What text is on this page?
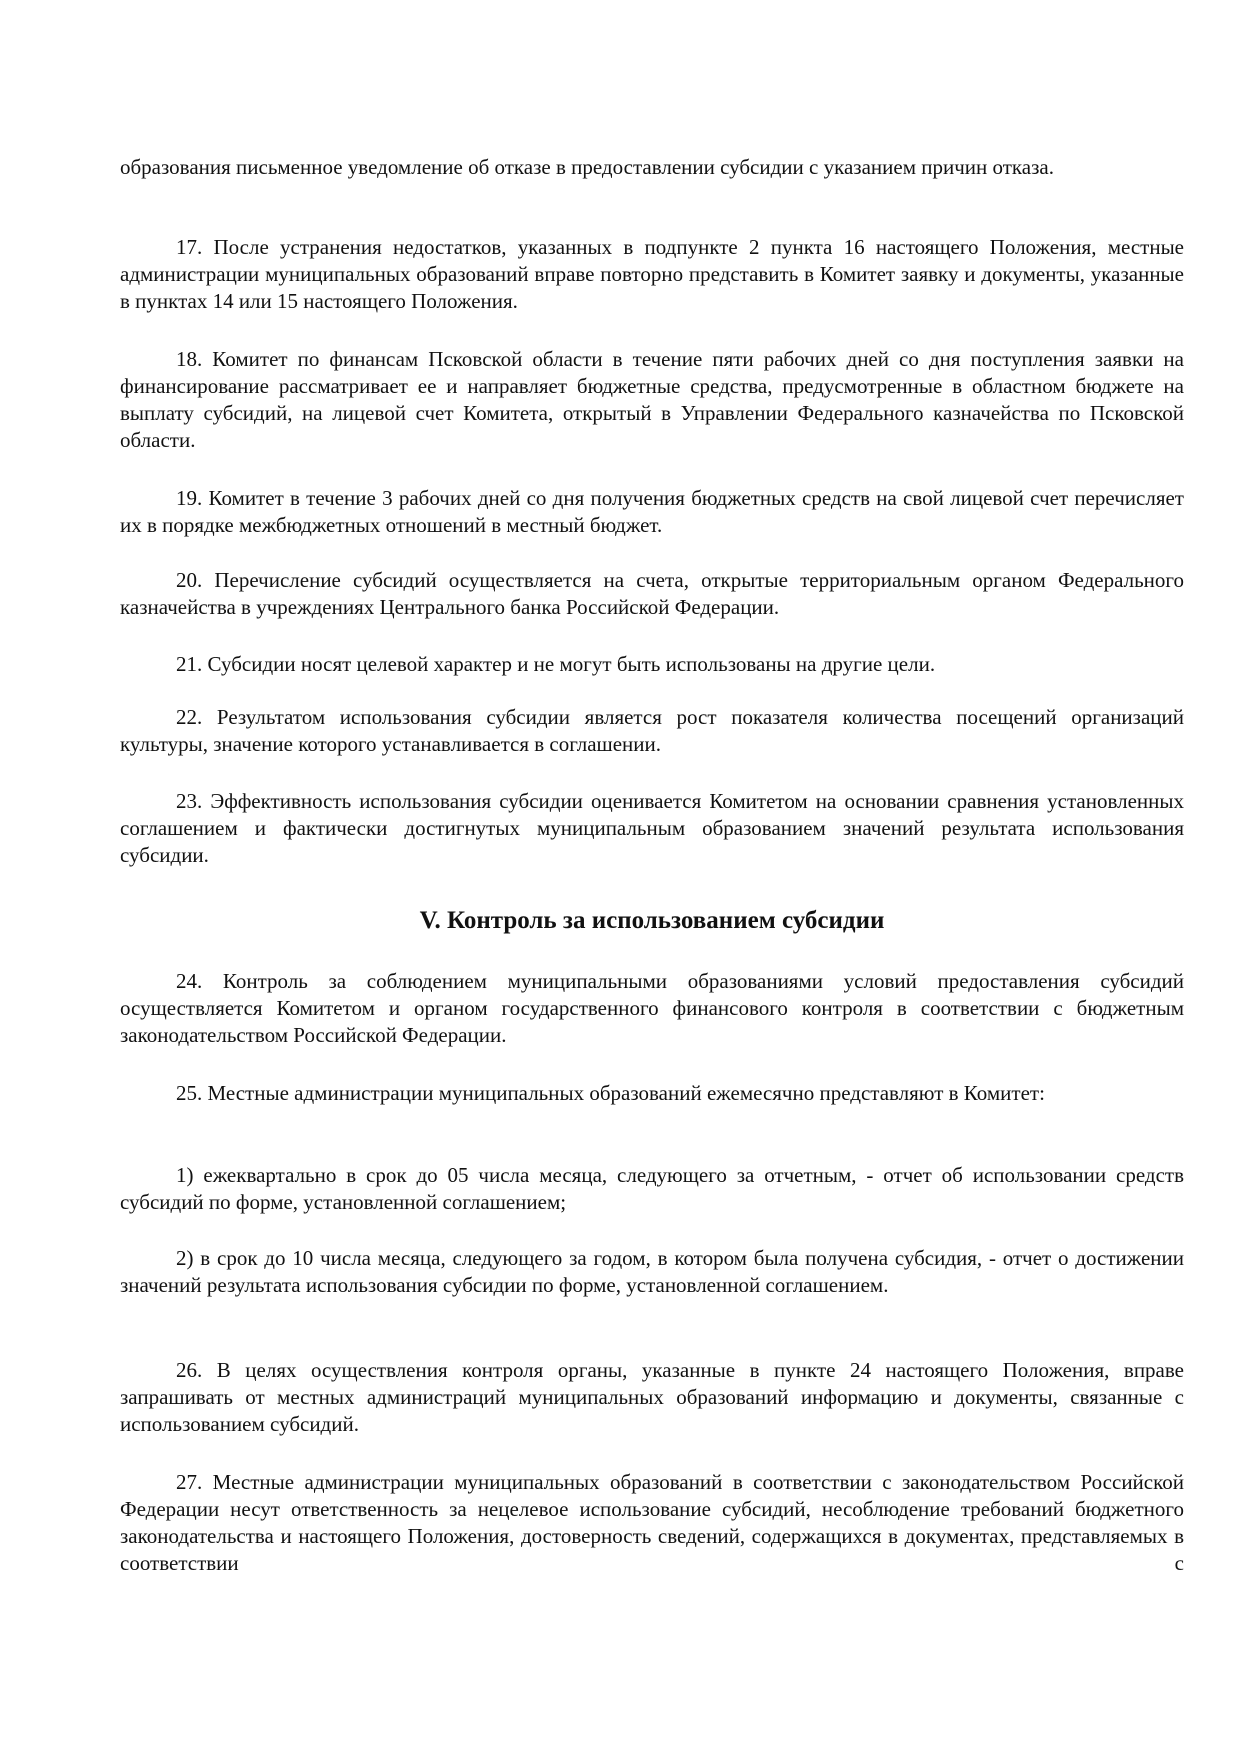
образования письменное уведомление об отказе в предоставлении субсидии с указанием причин отказа.

17. После устранения недостатков, указанных в подпункте 2 пункта 16 настоящего Положения, местные администрации муниципальных образований вправе повторно представить в Комитет заявку и документы, указанные в пунктах 14 или 15 настоящего Положения.

18. Комитет по финансам Псковской области в течение пяти рабочих дней со дня поступления заявки на финансирование рассматривает ее и направляет бюджетные средства, предусмотренные в областном бюджете на выплату субсидий, на лицевой счет Комитета, открытый в Управлении Федерального казначейства по Псковской области.

19. Комитет в течение 3 рабочих дней со дня получения бюджетных средств на свой лицевой счет перечисляет их в порядке межбюджетных отношений в местный бюджет.

20. Перечисление субсидий осуществляется на счета, открытые территориальным органом Федерального казначейства в учреждениях Центрального банка Российской Федерации.

21. Субсидии носят целевой характер и не могут быть использованы на другие цели.

22. Результатом использования субсидии является рост показателя количества посещений организаций культуры, значение которого устанавливается в соглашении.

23. Эффективность использования субсидии оценивается Комитетом на основании сравнения установленных соглашением и фактически достигнутых муниципальным образованием значений результата использования субсидии.

V. Контроль за использованием субсидии

24. Контроль за соблюдением муниципальными образованиями условий предоставления субсидий осуществляется Комитетом и органом государственного финансового контроля в соответствии с бюджетным законодательством Российской Федерации.

25. Местные администрации муниципальных образований ежемесячно представляют в Комитет:

1) ежеквартально в срок до 05 числа месяца, следующего за отчетным, - отчет об использовании средств субсидий по форме, установленной соглашением;

2) в срок до 10 числа месяца, следующего за годом, в котором была получена субсидия, - отчет о достижении значений результата использования субсидии по форме, установленной соглашением.

26. В целях осуществления контроля органы, указанные в пункте 24 настоящего Положения, вправе запрашивать от местных администраций муниципальных образований информацию и документы, связанные с использованием субсидий.

27. Местные администрации муниципальных образований в соответствии с законодательством Российской Федерации несут ответственность за нецелевое использование субсидий, несоблюдение требований бюджетного законодательства и настоящего Положения, достоверность сведений, содержащихся в документах, представляемых в соответствии с
